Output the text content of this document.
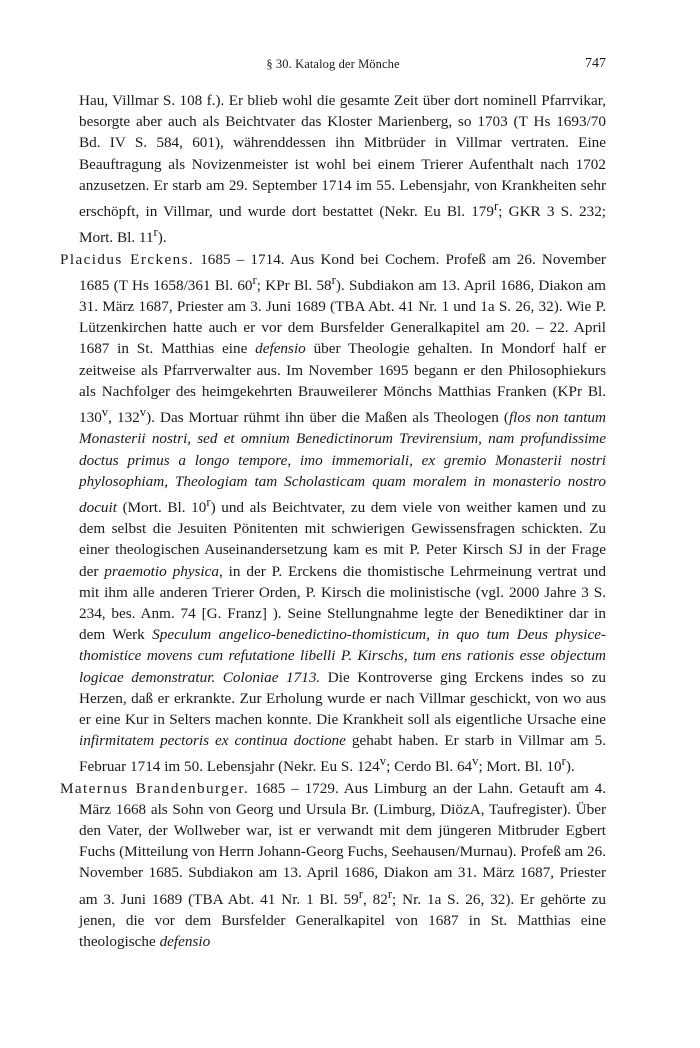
§ 30. Katalog der Mönche	747

Hau, Villmar S. 108 f.). Er blieb wohl die gesamte Zeit über dort nominell Pfarrvikar, besorgte aber auch als Beichtvater das Kloster Marienberg, so 1703 (T Hs 1693/70 Bd. IV S. 584, 601), währenddessen ihn Mitbrüder in Villmar vertraten. Eine Beauftragung als Novizenmeister ist wohl bei einem Trierer Aufenthalt nach 1702 anzusetzen. Er starb am 29. September 1714 im 55. Lebensjahr, von Krankheiten sehr erschöpft, in Villmar, und wurde dort bestattet (Nekr. Eu Bl. 179$^r$; GKR 3 S. 232; Mort. Bl. 11$^r$).

Placidus Erckens. 1685 – 1714. Aus Kond bei Cochem. Profeß am 26. November 1685 (T Hs 1658/361 Bl. 60$^r$; KPr Bl. 58$^r$). Subdiakon am 13. April 1686, Diakon am 31. März 1687, Priester am 3. Juni 1689 (TBA Abt. 41 Nr. 1 und 1a S. 26, 32). Wie P. Lützenkirchen hatte auch er vor dem Bursfelder Generalkapitel am 20. – 22. April 1687 in St. Matthias eine defensio über Theologie gehalten. In Mondorf half er zeitweise als Pfarrverwalter aus. Im November 1695 begann er den Philosophiekurs als Nachfolger des heimgekehrten Brauweilerer Mönchs Matthias Franken (KPr Bl. 130$^v$, 132$^v$). Das Mortuar rühmt ihn über die Maßen als Theologen (flos non tantum Monasterii nostri, sed et omnium Benedictinorum Trevirensium, nam profundissime doctus primus a longo tempore, imo immemoriali, ex gremio Monasterii nostri phylosophiam, Theologiam tam Scholasticam quam moralem in monasterio nostro docuit (Mort. Bl. 10$^r$) und als Beichtvater, zu dem viele von weither kamen und zu dem selbst die Jesuiten Pönitenten mit schwierigen Gewissensfragen schickten. Zu einer theologischen Auseinandersetzung kam es mit P. Peter Kirsch SJ in der Frage der praemotio physica, in der P. Erckens die thomistische Lehrmeinung vertrat und mit ihm alle anderen Trierer Orden, P. Kirsch die molinistische (vgl. 2000 Jahre 3 S. 234, bes. Anm. 74 [G. Franz] ). Seine Stellungnahme legte der Benediktiner dar in dem Werk Speculum angelico-benedictino-thomisticum, in quo tum Deus physice-thomistice movens cum refutatione libelli P. Kirschs, tum ens rationis esse objectum logicae demonstratur. Coloniae 1713. Die Kontroverse ging Erckens indes so zu Herzen, daß er erkrankte. Zur Erholung wurde er nach Villmar geschickt, von wo aus er eine Kur in Selters machen konnte. Die Krankheit soll als eigentliche Ursache eine infirmitatem pectoris ex continua doctione gehabt haben. Er starb in Villmar am 5. Februar 1714 im 50. Lebensjahr (Nekr. Eu S. 124$^v$; Cerdo Bl. 64$^v$; Mort. Bl. 10$^r$).

Maternus Brandenburger. 1685 – 1729. Aus Limburg an der Lahn. Getauft am 4. März 1668 als Sohn von Georg und Ursula Br. (Limburg, DiözA, Taufregister). Über den Vater, der Wollweber war, ist er verwandt mit dem jüngeren Mitbruder Egbert Fuchs (Mitteilung von Herrn Johann-Georg Fuchs, Seehausen/Murnau). Profeß am 26. November 1685. Subdiakon am 13. April 1686, Diakon am 31. März 1687, Priester am 3. Juni 1689 (TBA Abt. 41 Nr. 1 Bl. 59$^r$, 82$^r$; Nr. 1a S. 26, 32). Er gehörte zu jenen, die vor dem Bursfelder Generalkapitel von 1687 in St. Matthias eine theologische defensio
